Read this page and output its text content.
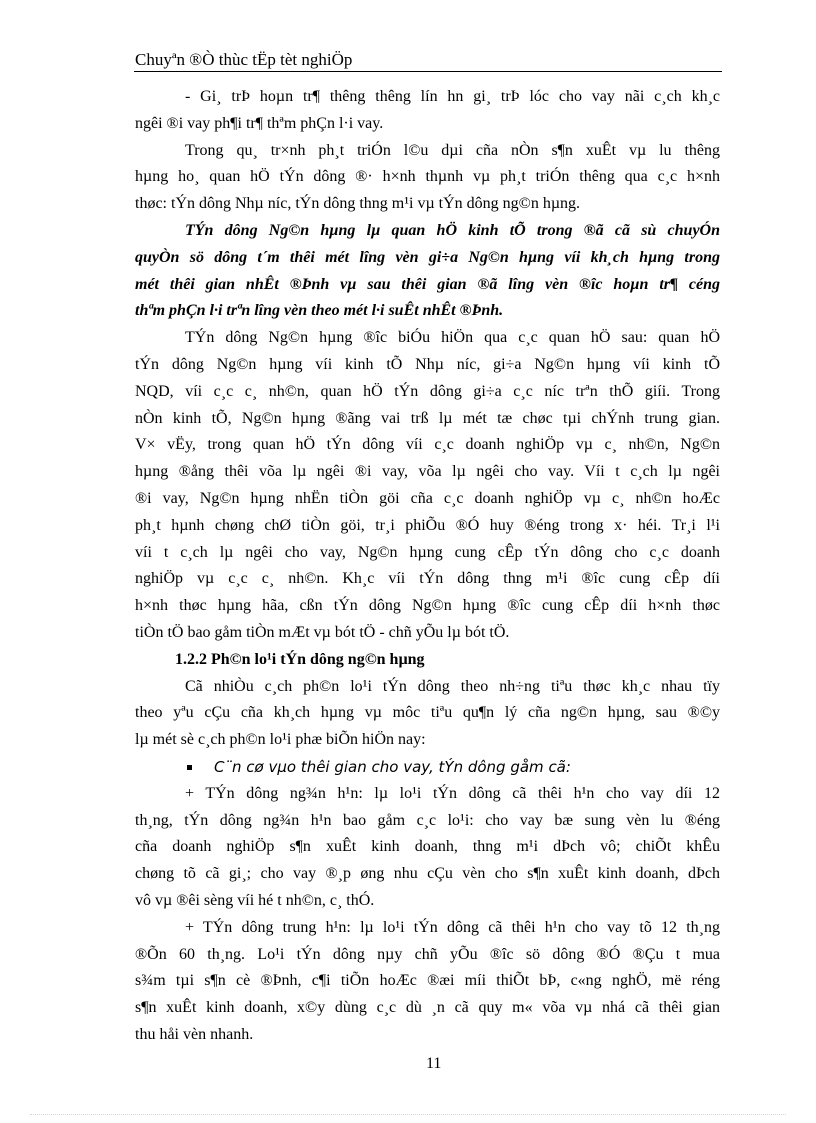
Chuyªn ®Ò thùc tËp tèt nghiÖp
- Gi¸ trÞ hoµn tr¶ thêng thêng lín hn gi¸ trÞ lóc cho vay nãi c¸ch kh¸c
ngêi ®i vay ph¶i tr¶ thªm phÇn l·i vay.
Trong qu¸ tr×nh ph¸t triÓn l©u dµi cña nÒn s¶n xuÊt vµ lu thêng
hµng ho¸ quan hÖ tÝn dông ®· h×nh thµnh vµ ph¸t triÓn thêng qua c¸c h×nh
thøc: tÝn dông Nhµ níc, tÝn dông thng m¹i vµ tÝn dông ng©n hµng.
TÝn dông Ng©n hµng lµ quan hÖ kinh tÕ trong ®ã cã sù chuyÓn
quyÒn sö dông t´m thêi mét lîng vèn gi÷a Ng©n hµng víi kh¸ch hµng trong
mét thêi gian nhÊt ®Þnh vµ sau thêi gian ®ã lîng vèn ®îc hoµn tr¶ céng
thªm phÇn l·i trªn lîng vèn theo mét l·i suÊt nhÊt ®Þnh.
TÝn dông Ng©n hµng ®îc biÓu hiÖn qua c¸c quan hÖ sau: quan hÖ
tÝn dông Ng©n hµng víi kinh tÕ Nhµ níc, gi÷a Ng©n hµng víi kinh tÕ
NQD, víi c¸c c¸ nh©n, quan hÖ tÝn dông gi÷a c¸c níc trªn thÕ giíi. Trong
nÒn kinh tÕ, Ng©n hµng ®ãng vai trß lµ mét tæ chøc tµi chÝnh trung gian.
V× vËy, trong quan hÖ tÝn dông víi c¸c doanh nghiÖp vµ c¸ nh©n, Ng©n
hµng ®ång thêi võa lµ ngêi ®i vay, võa lµ ngêi cho vay. Víi t c¸ch lµ ngêi
®i vay, Ng©n hµng nhËn tiÒn göi cña c¸c doanh nghiÖp vµ c¸ nh©n hoÆc
ph¸t hµnh chøng chØ tiÒn göi, tr¸i phiÕu ®Ó huy ®éng trong x· héi. Tr¸i l¹i
víi t c¸ch lµ ngêi cho vay, Ng©n hµng cung cÊp tÝn dông cho c¸c doanh
nghiÖp vµ c¸c c¸ nh©n. Kh¸c víi tÝn dông thng m¹i ®îc cung cÊp díi
h×nh thøc hµng hãa, cßn tÝn dông Ng©n hµng ®îc cung cÊp díi h×nh thøc
tiÒn tÖ bao gåm tiÒn mÆt vµ bót tÖ - chñ yÕu lµ bót tÖ.
1.2.2 Ph©n lo¹i tÝn dông ng©n hµng
Cã nhiÒu c¸ch ph©n lo¹i tÝn dông theo nh÷ng tiªu thøc kh¸c nhau tïy
theo yªu cÇu cña kh¸ch hµng vµ môc tiªu qu¶n lý cña ng©n hµng, sau ®©y
lµ mét sè c¸ch ph©n lo¹i phæ biÕn hiÖn nay:
C¨n cø vµo thêi gian cho vay, tÝn dông gåm cã:
+ TÝn dông ng¾n h¹n: lµ lo¹i tÝn dông cã thêi h¹n cho vay díi 12
th¸ng, tÝn dông ng¾n h¹n bao gåm c¸c lo¹i: cho vay bæ sung vèn lu ®éng
cña doanh nghiÖp s¶n xuÊt kinh doanh, thng m¹i dÞch vô; chiÕt khÊu
chøng tõ cã gi¸; cho vay ®¸p øng nhu cÇu vèn cho s¶n xuÊt kinh doanh, dÞch
vô vµ ®êi sèng víi hé t nh©n, c¸ thÓ.
+ TÝn dông trung h¹n: lµ lo¹i tÝn dông cã thêi h¹n cho vay tõ 12 th¸ng
®Õn 60 th¸ng. Lo¹i tÝn dông nµy chñ yÕu ®îc sö dông ®Ó ®Çu t mua
s¾m tµi s¶n cè ®Þnh, c¶i tiÕn hoÆc ®æi míi thiÕt bÞ, c«ng nghÖ, më réng
s¶n xuÊt kinh doanh, x©y dùng c¸c dù ¸n cã quy m« võa vµ nhá cã thêi gian
thu håi vèn nhanh.
11
